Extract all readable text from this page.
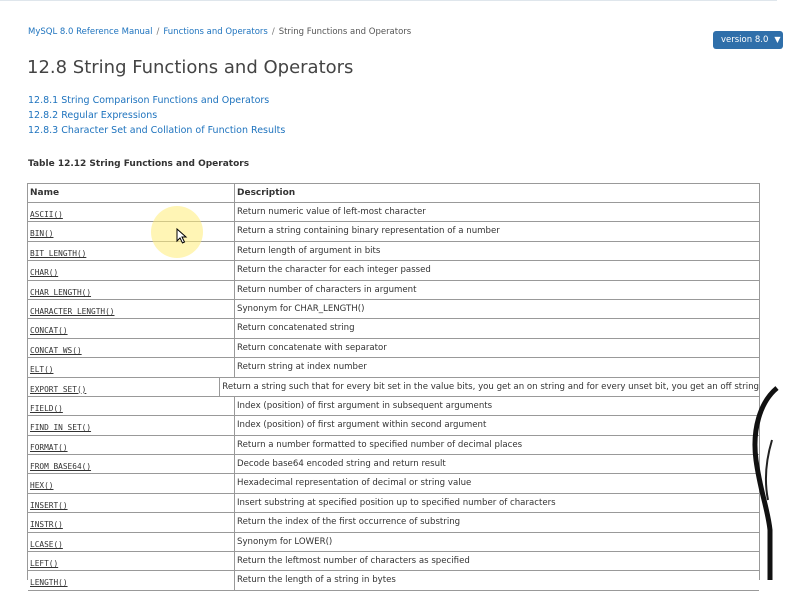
MySQL 8.0 Reference Manual / Functions and Operators / String Functions and Operators
version 8.0 ▼
12.8 String Functions and Operators
12.8.1 String Comparison Functions and Operators
12.8.2 Regular Expressions
12.8.3 Character Set and Collation of Function Results
Table 12.12 String Functions and Operators
Name	Description
ASCII()	Return numeric value of left-most character
BIN()	Return a string containing binary representation of a number
BIT_LENGTH()	Return length of argument in bits
CHAR()	Return the character for each integer passed
CHAR_LENGTH()	Return number of characters in argument
CHARACTER_LENGTH()	Synonym for CHAR_LENGTH()
CONCAT()	Return concatenated string
CONCAT_WS()	Return concatenate with separator
ELT()	Return string at index number
EXPORT_SET()	Return a string such that for every bit set in the value bits, you get an on string and for every unset bit, you get an off string
FIELD()	Index (position) of first argument in subsequent arguments
FIND_IN_SET()	Index (position) of first argument within second argument
FORMAT()	Return a number formatted to specified number of decimal places
FROM_BASE64()	Decode base64 encoded string and return result
HEX()	Hexadecimal representation of decimal or string value
INSERT()	Insert substring at specified position up to specified number of characters
INSTR()	Return the index of the first occurrence of substring
LCASE()	Synonym for LOWER()
LEFT()	Return the leftmost number of characters as specified
LENGTH()	Return the length of a string in bytes
